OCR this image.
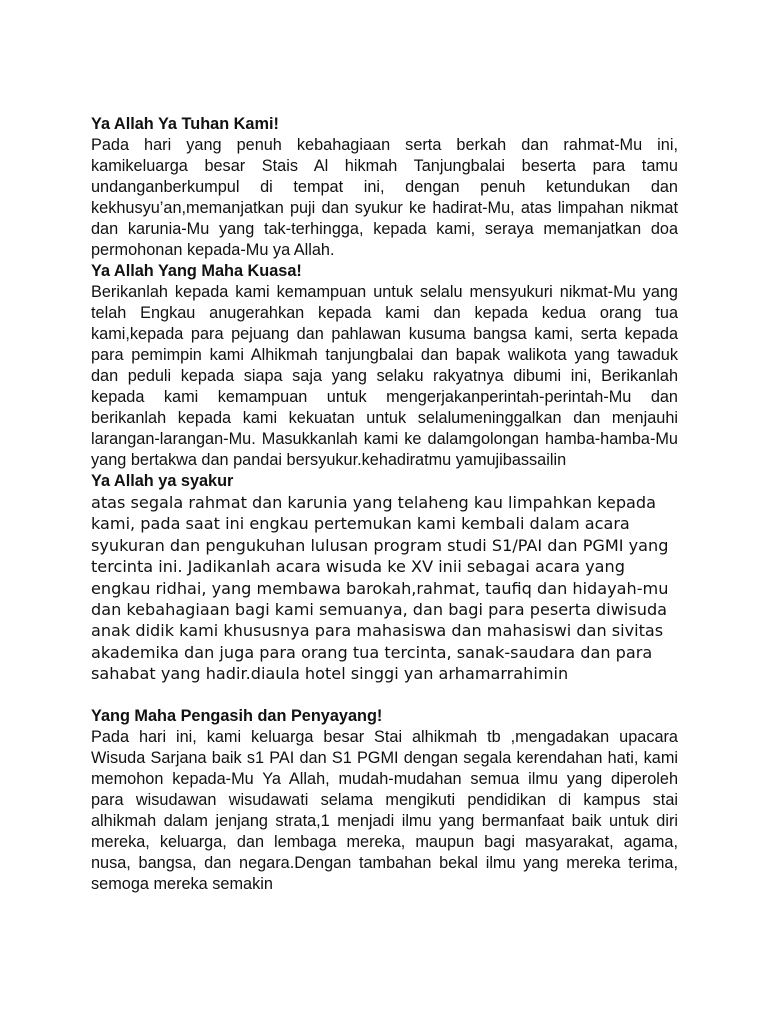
Ya Allah Ya Tuhan Kami!

Pada hari yang penuh kebahagiaan serta berkah dan rahmat-Mu ini, kamikeluarga besar Stais Al hikmah Tanjungbalai beserta para tamu undanganberkumpul di tempat ini, dengan penuh ketundukan dan kekhusyu’an,memanjatkan puji dan syukur ke hadirat-Mu, atas limpahan nikmat dan karunia-Mu yang tak-terhingga, kepada kami, seraya memanjatkan doa permohonan kepada-Mu ya Allah.

Ya Allah Yang Maha Kuasa!

Berikanlah kepada kami kemampuan untuk selalu mensyukuri nikmat-Mu yang telah Engkau anugerahkan kepada kami dan kepada kedua orang tua kami,kepada para pejuang dan pahlawan kusuma bangsa kami, serta kepada para pemimpin kami Alhikmah tanjungbalai dan bapak walikota yang tawaduk dan peduli kepada siapa saja yang selaku rakyatnya dibumi ini, Berikanlah kepada kami kemampuan untuk mengerjakanperintah-perintah-Mu dan berikanlah kepada kami kekuatan untuk selalumeninggalkan dan menjauhi larangan-larangan-Mu. Masukkanlah kami ke dalamgolongan hamba-hamba-Mu yang bertakwa dan pandai bersyukur.kehadiratmu yamujibassailin

Ya Allah ya syakur

atas segala rahmat dan karunia yang telaheng kau limpahkan kepada kami, pada saat ini engkau pertemukan kami kembali dalam acara syukuran dan pengukuhan lulusan program studi S1/PAI dan PGMI yang tercinta ini. Jadikanlah acara wisuda ke XV inii sebagai acara yang engkau ridhai, yang membawa barokah,rahmat, taufiq dan hidayah-mu dan kebahagiaan bagi kami semuanya, dan bagi para peserta diwisuda anak didik kami khususnya para mahasiswa dan mahasiswi dan sivitas akademika dan juga para orang tua tercinta, sanak-saudara dan para sahabat yang hadir.diaula hotel singgi yan arhamarrahimin

Yang Maha Pengasih dan Penyayang!

Pada hari ini, kami keluarga besar Stai alhikmah tb ,mengadakan upacara Wisuda Sarjana baik s1 PAI dan S1 PGMI dengan segala kerendahan hati, kami memohon kepada-Mu Ya Allah, mudah-mudahan semua ilmu yang diperoleh para wisudawan wisudawati selama mengikuti pendidikan di kampus stai alhikmah dalam jenjang strata,1 menjadi ilmu yang bermanfaat baik untuk diri mereka, keluarga, dan lembaga mereka, maupun bagi masyarakat, agama, nusa, bangsa, dan negara.Dengan tambahan bekal ilmu yang mereka terima, semoga mereka semakin
